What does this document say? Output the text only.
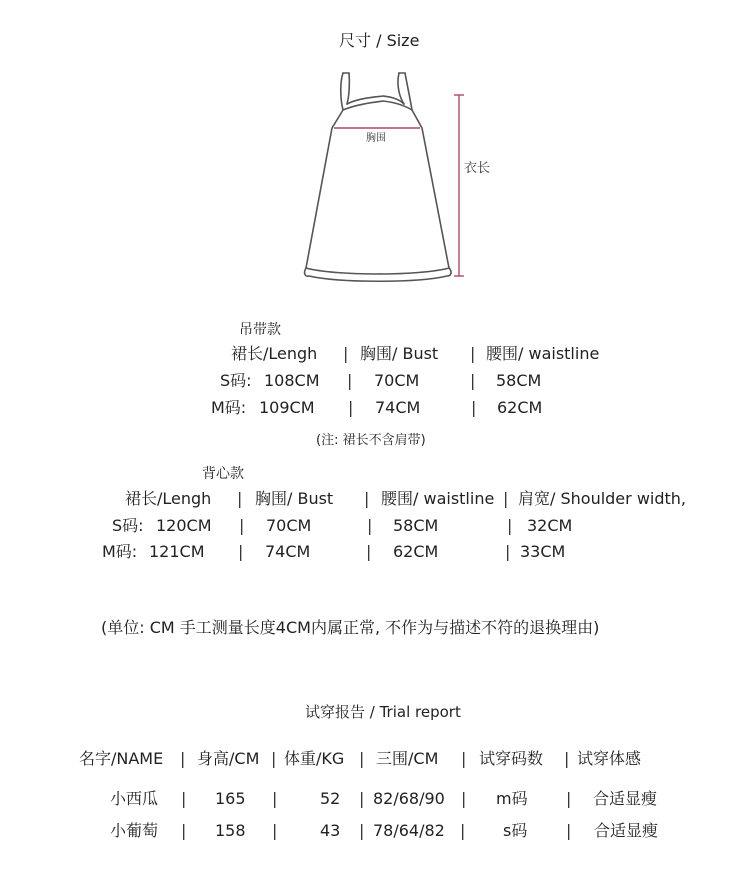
尺寸 / Size
胸围
衣长
吊带款
裙长/Lengh | 胸围/ Bust | 腰围/ waistline
S码: 108CM | 70CM	| 58CM
M码: 109CM | 74CM	| 62CM
(注: 裙长不含肩带)
背心款
裙长/Lengh | 胸围/ Bust | 腰围/ waistline | 肩宽/ Shoulder width,
S码: 120CM | 70CM	| 58CM	| 32CM
M码: 121CM | 74CM	| 62CM	| 33CM
(单位: CM 手工测量长度4CM内属正常, 不作为与描述不符的退换理由)
试穿报告 / Trial report
名字/NAME | 身高/CM | 体重/KG | 三围/CM | 试穿码数 | 试穿体感
小西瓜 | 165 |	52 | 82/68/90 | m码 | 合适显瘦
小葡萄 | 158 |	43 | 78/64/82 | s码 | 合适显瘦
